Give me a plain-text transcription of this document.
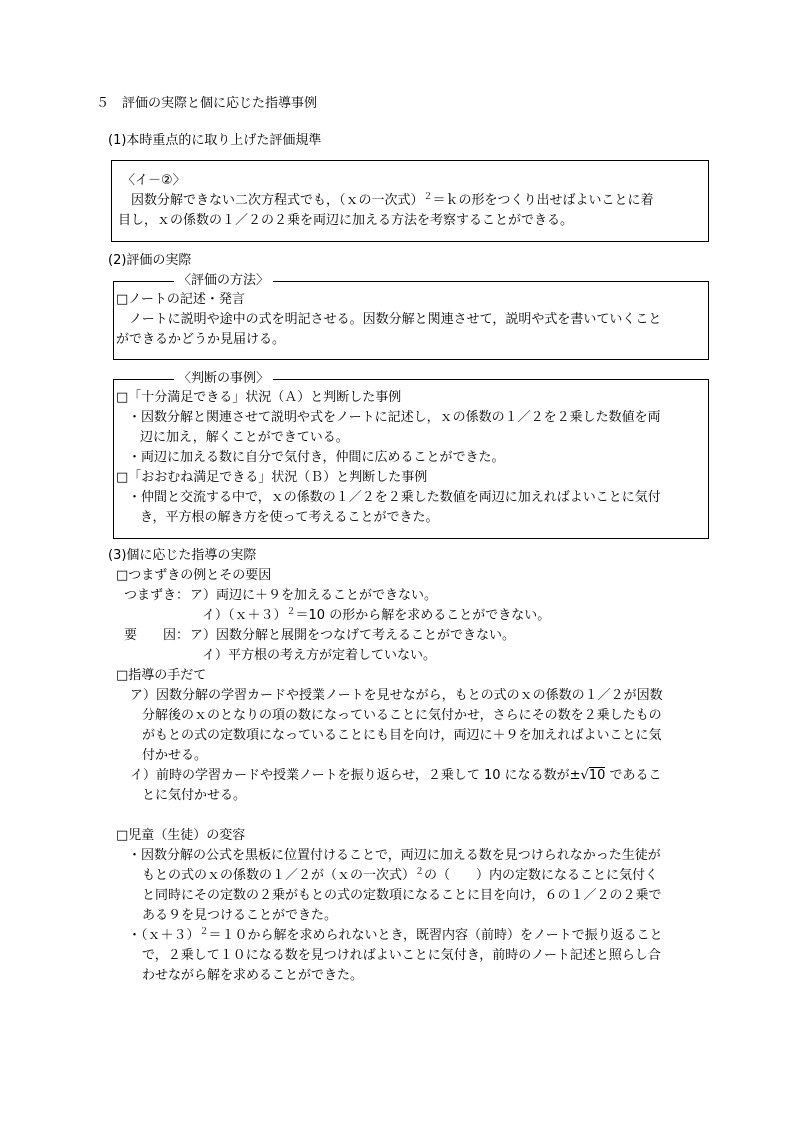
５　評価の実際と個に応じた指導事例
(1)本時重点的に取り上げた評価規準
〈イ－②〉
　因数分解できない二次方程式でも，（ｘの一次式）$^2$＝ｋの形をつくり出せばよいことに着
目し，ｘの係数の１／２の２乗を両辺に加える方法を考察することができる。
(2)評価の実際
〈評価の方法〉
□ノートの記述・発言
　ノートに説明や途中の式を明記させる。因数分解と関連させて，説明や式を書いていくこと
ができるかどうか見届ける。
〈判断の事例〉
□「十分満足できる」状況（Ａ）と判断した事例
・因数分解と関連させて説明や式をノートに記述し，ｘの係数の１／２を２乗した数値を両
辺に加え，解くことができている。
・両辺に加える数に自分で気付き，仲間に広めることができた。
□「おおむね満足できる」状況（Ｂ）と判断した事例
・仲間と交流する中で，ｘの係数の１／２を２乗した数値を両辺に加えればよいことに気付
き，平方根の解き方を使って考えることができた。
(3)個に応じた指導の実際
□つまずきの例とその要因
つまずき： ア）両辺に＋９を加えることができない。
イ）（ｘ＋３）$^2$＝10 の形から解を求めることができない。
要　　因： ア）因数分解と展開をつなげて考えることができない。
イ）平方根の考え方が定着していない。
□指導の手だて
ア）因数分解の学習カードや授業ノートを見せながら，もとの式のｘの係数の１／２が因数
分解後のｘのとなりの項の数になっていることに気付かせ，さらにその数を２乗したもの
がもとの式の定数項になっていることにも目を向け，両辺に＋９を加えればよいことに気
付かせる。
イ）前時の学習カードや授業ノートを振り返らせ，２乗して 10 になる数が±√10 であるこ
とに気付かせる。
□児童（生徒）の変容
・因数分解の公式を黒板に位置付けることで，両辺に加える数を見つけられなかった生徒が
もとの式のｘの係数の１／２が（ｘの一次式）$^2$の（　　）内の定数になることに気付く
と同時にその定数の２乗がもとの式の定数項になることに目を向け，６の１／２の２乗で
ある９を見つけることができた。
・（ｘ＋３）$^2$＝１０から解を求められないとき，既習内容（前時）をノートで振り返ること
で，２乗して１０になる数を見つければよいことに気付き，前時のノート記述と照らし合
わせながら解を求めることができた。
